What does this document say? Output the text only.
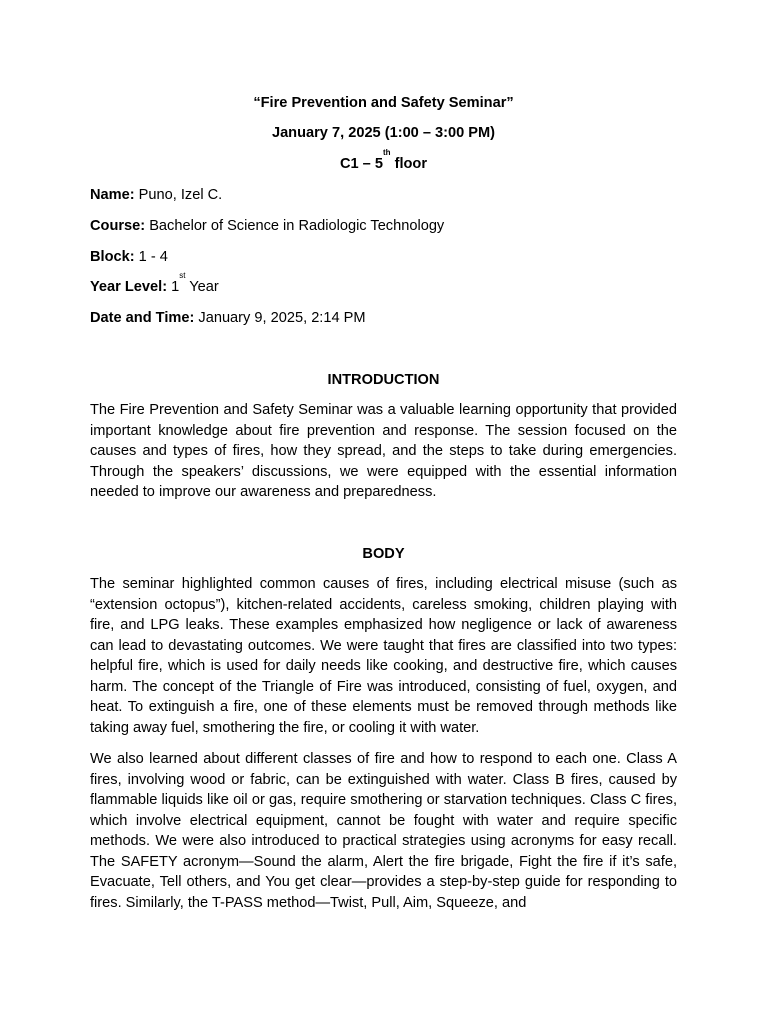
“Fire Prevention and Safety Seminar”
January 7, 2025 (1:00 – 3:00 PM)
C1 – 5th floor
Name: Puno, Izel C.
Course: Bachelor of Science in Radiologic Technology
Block: 1 - 4
Year Level: 1st Year
Date and Time: January 9, 2025, 2:14 PM
INTRODUCTION
The Fire Prevention and Safety Seminar was a valuable learning opportunity that provided important knowledge about fire prevention and response. The session focused on the causes and types of fires, how they spread, and the steps to take during emergencies. Through the speakers’ discussions, we were equipped with the essential information needed to improve our awareness and preparedness.
BODY
The seminar highlighted common causes of fires, including electrical misuse (such as “extension octopus”), kitchen-related accidents, careless smoking, children playing with fire, and LPG leaks. These examples emphasized how negligence or lack of awareness can lead to devastating outcomes. We were taught that fires are classified into two types: helpful fire, which is used for daily needs like cooking, and destructive fire, which causes harm. The concept of the Triangle of Fire was introduced, consisting of fuel, oxygen, and heat. To extinguish a fire, one of these elements must be removed through methods like taking away fuel, smothering the fire, or cooling it with water.
We also learned about different classes of fire and how to respond to each one. Class A fires, involving wood or fabric, can be extinguished with water. Class B fires, caused by flammable liquids like oil or gas, require smothering or starvation techniques. Class C fires, which involve electrical equipment, cannot be fought with water and require specific methods. We were also introduced to practical strategies using acronyms for easy recall. The SAFETY acronym—Sound the alarm, Alert the fire brigade, Fight the fire if it’s safe, Evacuate, Tell others, and You get clear—provides a step-by-step guide for responding to fires. Similarly, the T-PASS method—Twist, Pull, Aim, Squeeze, and
